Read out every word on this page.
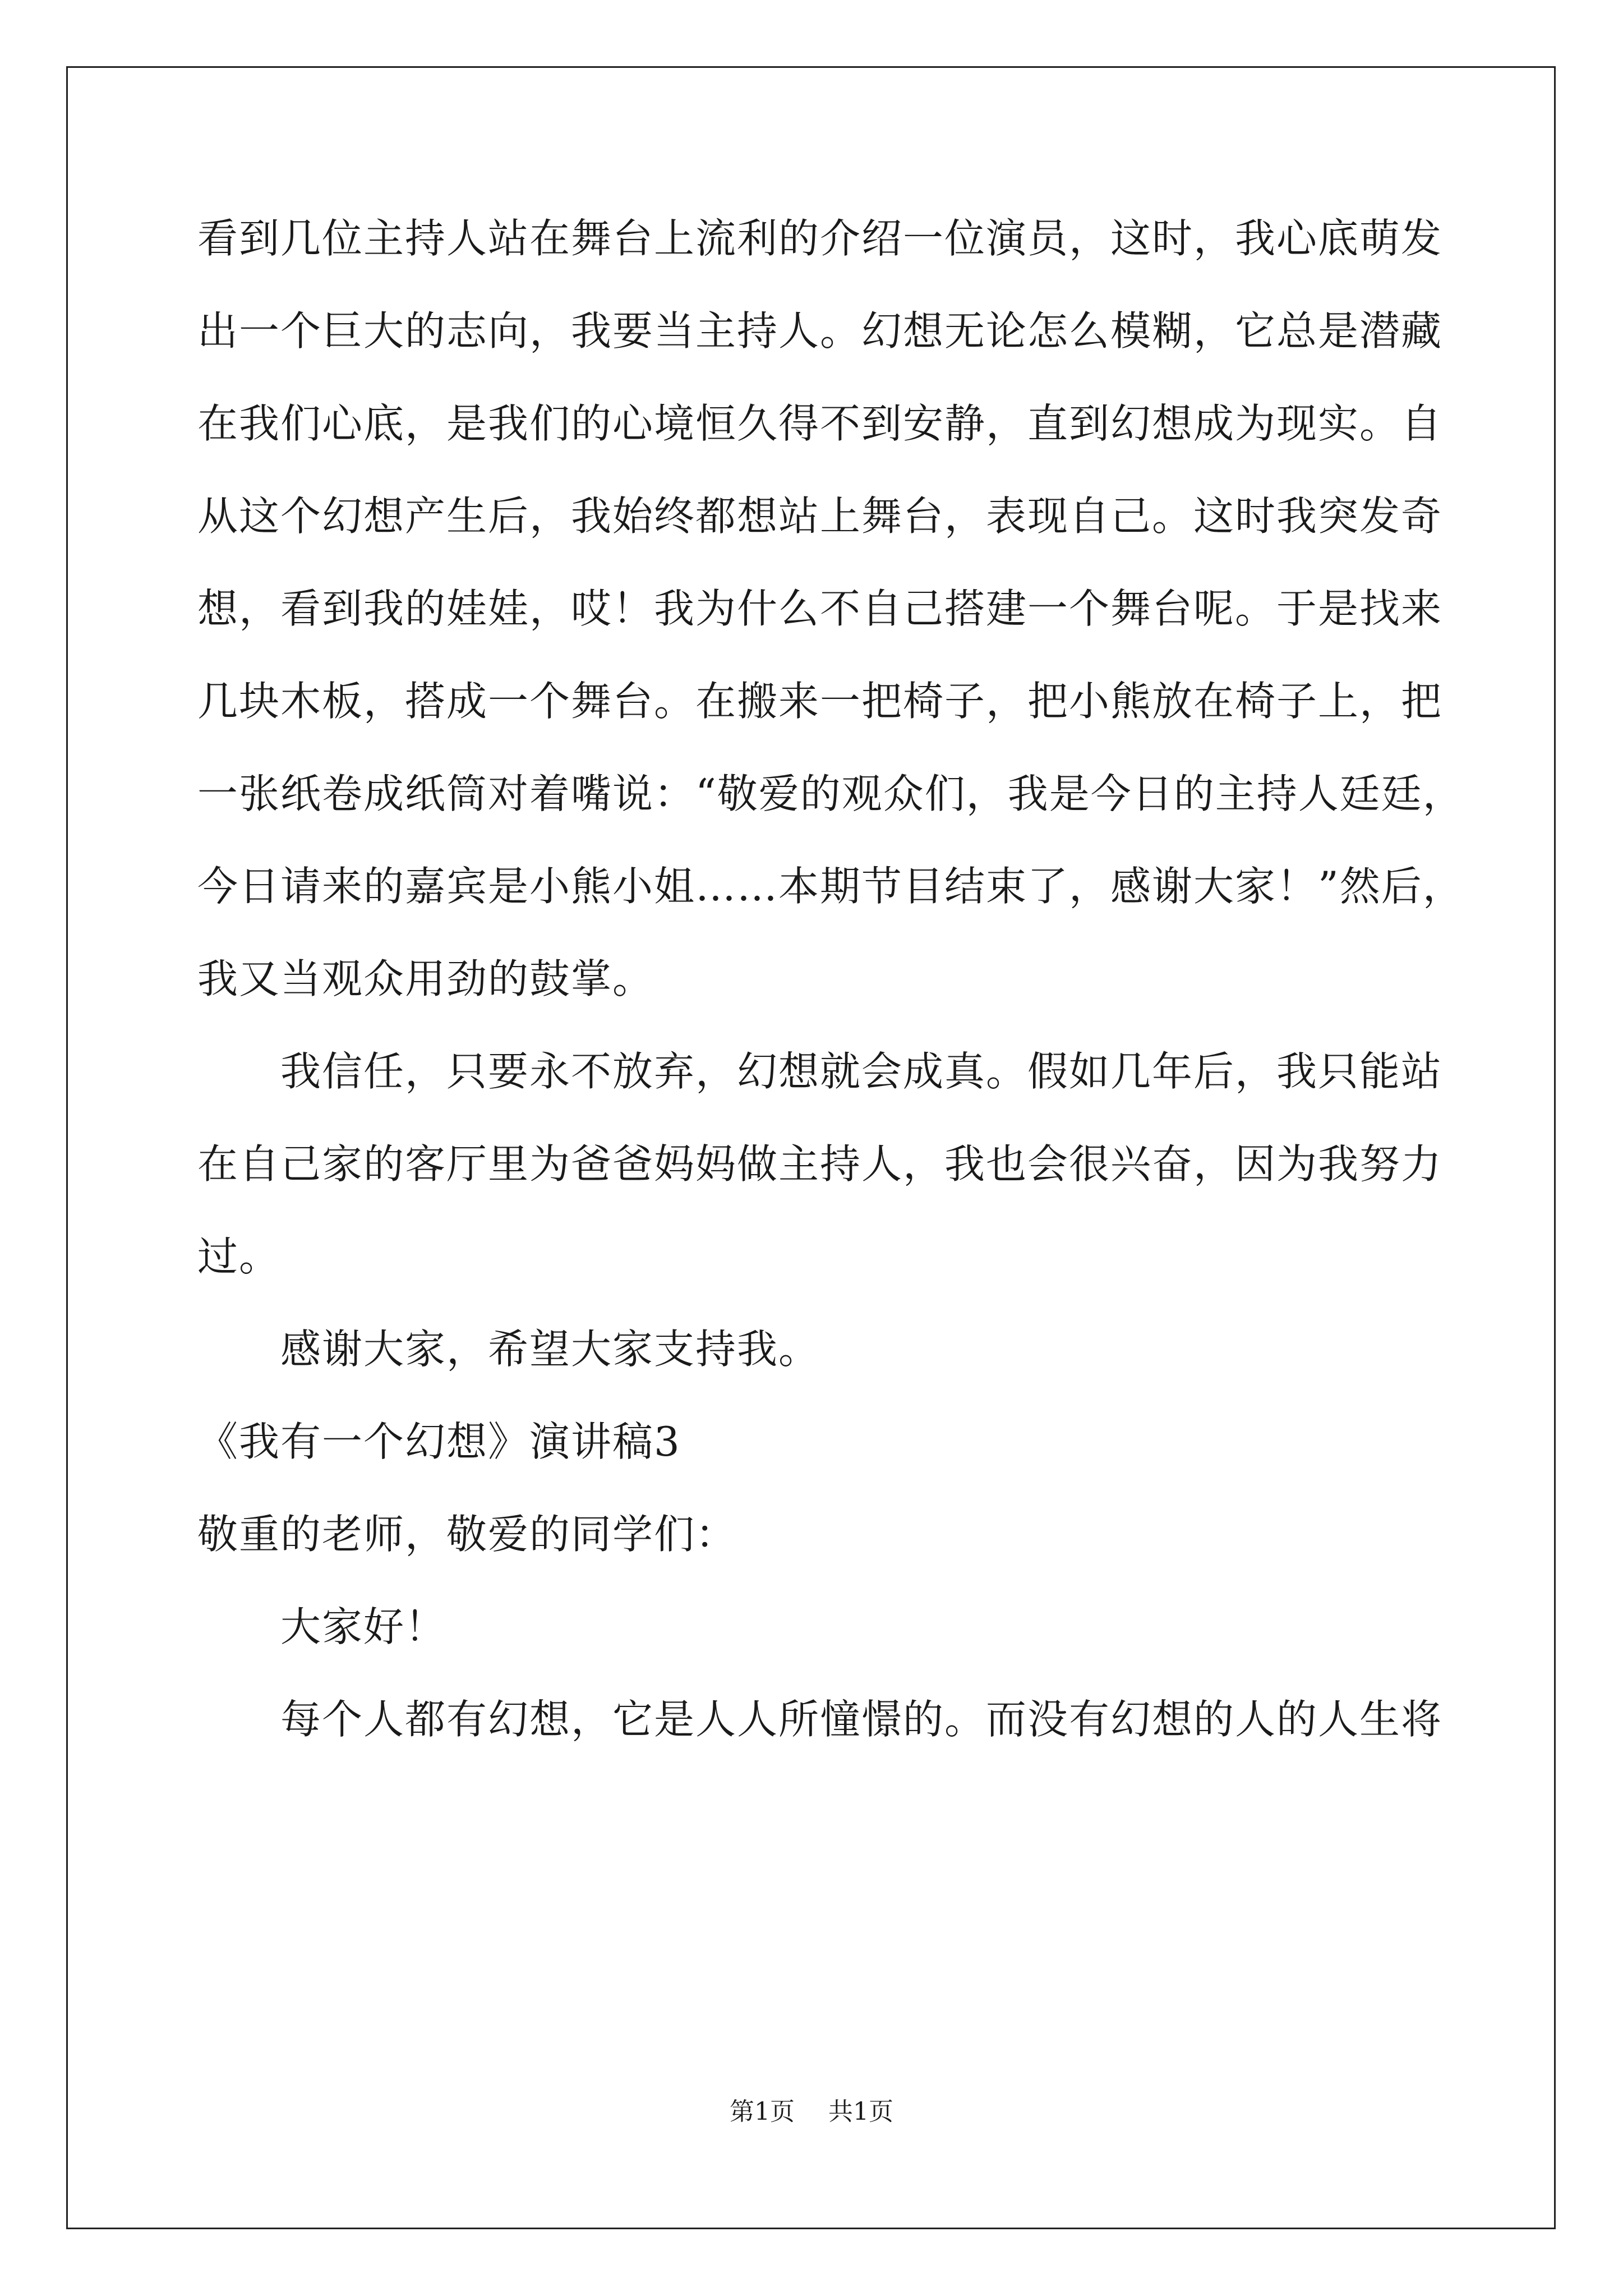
看到几位主持人站在舞台上流利的介绍一位演员，这时，我心底萌发
出一个巨大的志向，我要当主持人。幻想无论怎么模糊，它总是潜藏
在我们心底，是我们的心境恒久得不到安静，直到幻想成为现实。自
从这个幻想产生后，我始终都想站上舞台，表现自己。这时我突发奇
想，看到我的娃娃，哎！我为什么不自己搭建一个舞台呢。于是找来
几块木板，搭成一个舞台。在搬来一把椅子，把小熊放在椅子上，把
一张纸卷成纸筒对着嘴说：“敬爱的观众们，我是今日的主持人廷廷，
今日请来的嘉宾是小熊小姐……本期节目结束了，感谢大家！”然后，
我又当观众用劲的鼓掌。
我信任，只要永不放弃，幻想就会成真。假如几年后，我只能站
在自己家的客厅里为爸爸妈妈做主持人，我也会很兴奋，因为我努力
过。
感谢大家，希望大家支持我。
《我有一个幻想》演讲稿3
敬重的老师，敬爱的同学们：
大家好！
每个人都有幻想，它是人人所憧憬的。而没有幻想的人的人生将
第1页 共1页
